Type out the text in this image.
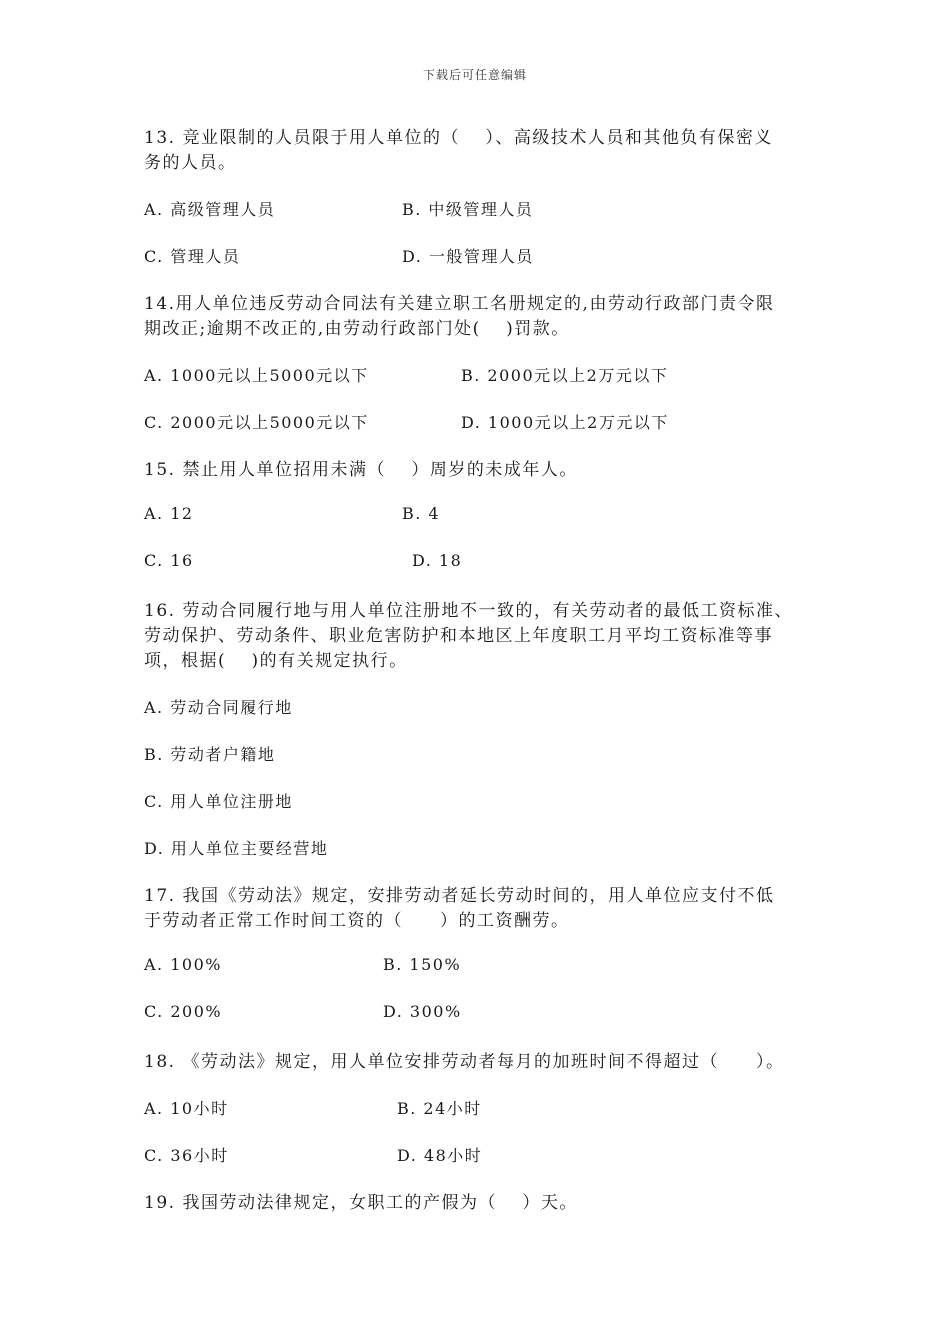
下载后可任意编辑

13. 竞业限制的人员限于用人单位的（　 ）、高级技术人员和其他负有保密义
务的人员。

A. 高级管理人员	B. 中级管理人员
C. 管理人员	D. 一般管理人员

14.用人单位违反劳动合同法有关建立职工名册规定的,由劳动行政部门责令限
期改正;逾期不改正的,由劳动行政部门处(　 )罚款。

A. 1000元以上5000元以下	B. 2000元以上2万元以下
C. 2000元以上5000元以下	D. 1000元以上2万元以下

15. 禁止用人单位招用未满（　 ）周岁的未成年人。

A. 12	B. 4
C. 16	D. 18

16. 劳动合同履行地与用人单位注册地不一致的，有关劳动者的最低工资标准、
劳动保护、劳动条件、职业危害防护和本地区上年度职工月平均工资标准等事
项，根据(　 )的有关规定执行。

A. 劳动合同履行地
B. 劳动者户籍地
C. 用人单位注册地
D. 用人单位主要经营地

17. 我国《劳动法》规定，安排劳动者延长劳动时间的，用人单位应支付不低
于劳动者正常工作时间工资的（　　）的工资酬劳。

A. 100%	B. 150%
C. 200%	D. 300%

18. 《劳动法》规定，用人单位安排劳动者每月的加班时间不得超过（　　）。

A. 10小时	B. 24小时
C. 36小时	D. 48小时

19. 我国劳动法律规定，女职工的产假为（　 ）天。
